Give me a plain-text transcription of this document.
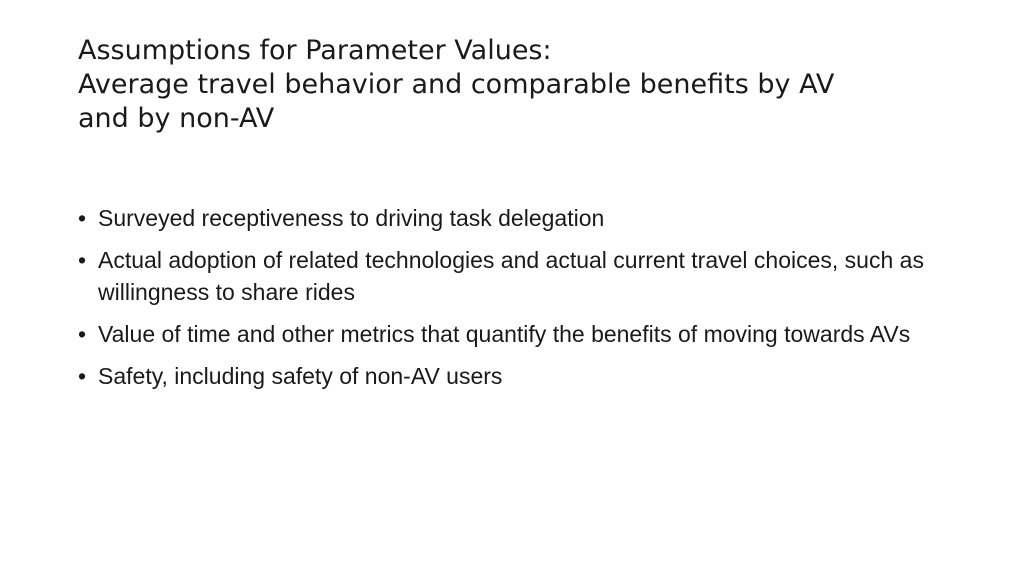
Assumptions for Parameter Values:
Average travel behavior and comparable benefits by AV
and by non-AV
• Surveyed receptiveness to driving task delegation
• Actual adoption of related technologies and actual current travel choices, such as willingness to share rides
• Value of time and other metrics that quantify the benefits of moving towards AVs
• Safety, including safety of non-AV users
